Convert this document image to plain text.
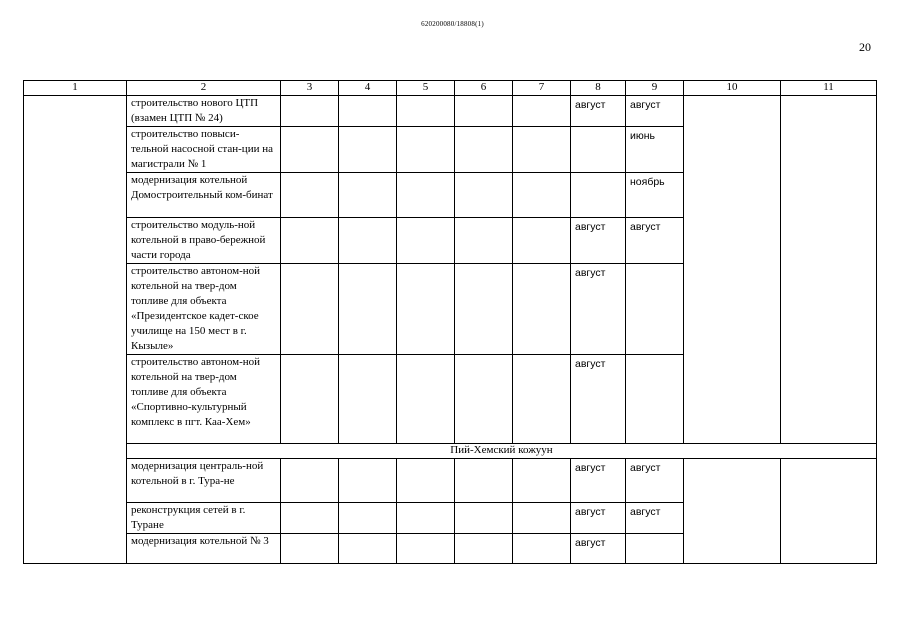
620200080/18808(1)
20
1	2	3	4	5	6	7	8	9	10	11
	строительство нового ЦТП (взамен ЦТП № 24)						август	август		
	строительство повыси-тельной насосной стан-ции на магистрали № 1							июнь		
	модернизация котельной Домостроительный ком-бинат							ноябрь		
	строительство модуль-ной котельной в право-бережной части города						август	август		
	строительство автоном-ной котельной на твер-дом топливе для объекта «Президентское кадет-ское училище на 150 мест в г. Кызыле»						август			
	строительство автоном-ной котельной на твер-дом топливе для объекта «Спортивно-культурный комплекс в пгт. Каа-Хем»						август			
	Пий-Хемский кожуун									
	модернизация централь-ной котельной в г. Тура-не						август	август		
	реконструкция сетей в г. Туране						август	август		
	модернизация котельной № 3						август			
